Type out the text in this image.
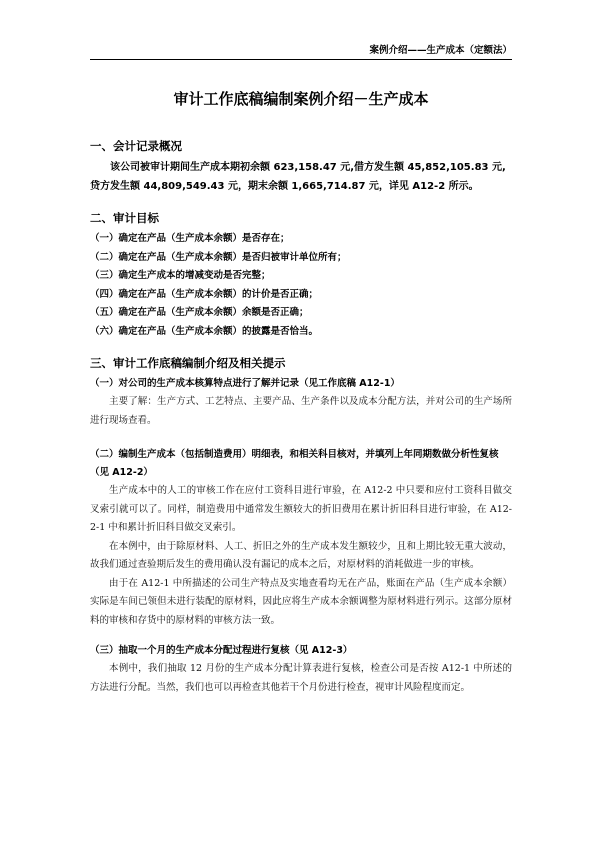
案例介绍——生产成本（定额法）
审计工作底稿编制案例介绍－生产成本
一、会计记录概况

该公司被审计期间生产成本期初余额 623,158.47 元,借方发生额 45,852,105.83 元,贷方发生额 44,809,549.43 元，期末余额 1,665,714.87 元，详见 A12-2 所示。

二、审计目标
（一）确定在产品（生产成本余额）是否存在；
（二）确定在产品（生产成本余额）是否归被审计单位所有；
（三）确定生产成本的增减变动是否完整；
（四）确定在产品（生产成本余额）的计价是否正确；
（五）确定在产品（生产成本余额）余额是否正确；
（六）确定在产品（生产成本余额）的披露是否恰当。
三、审计工作底稿编制介绍及相关提示
（一）对公司的生产成本核算特点进行了解并记录（见工作底稿 A12-1）

主要了解：生产方式、工艺特点、主要产品、生产条件以及成本分配方法，并对公司的生产场所进行现场查看。

（二）编制生产成本（包括制造费用）明细表，和相关科目核对，并填列上年同期数做分析性复核（见 A12-2）

生产成本中的人工的审核工作在应付工资科目进行审验，在 A12-2 中只要和应付工资科目做交叉索引就可以了。同样，制造费用中通常发生额较大的折旧费用在累计折旧科目进行审验，在 A12-2-1 中和累计折旧科目做交叉索引。

在本例中，由于除原材料、人工、折旧之外的生产成本发生额较少，且和上期比较无重大波动，故我们通过查验期后发生的费用确认没有漏记的成本之后，对原材料的消耗做进一步的审核。

由于在 A12-1 中所描述的公司生产特点及实地查看均无在产品，账面在产品（生产成本余额）实际是车间已领但未进行装配的原材料，因此应将生产成本余额调整为原材料进行列示。这部分原材料的审核和存货中的原材料的审核方法一致。

（三）抽取一个月的生产成本分配过程进行复核（见 A12-3）

本例中，我们抽取 12 月份的生产成本分配计算表进行复核，检查公司是否按 A12-1 中所述的方法进行分配。当然，我们也可以再检查其他若干个月份进行检查，视审计风险程度而定。
